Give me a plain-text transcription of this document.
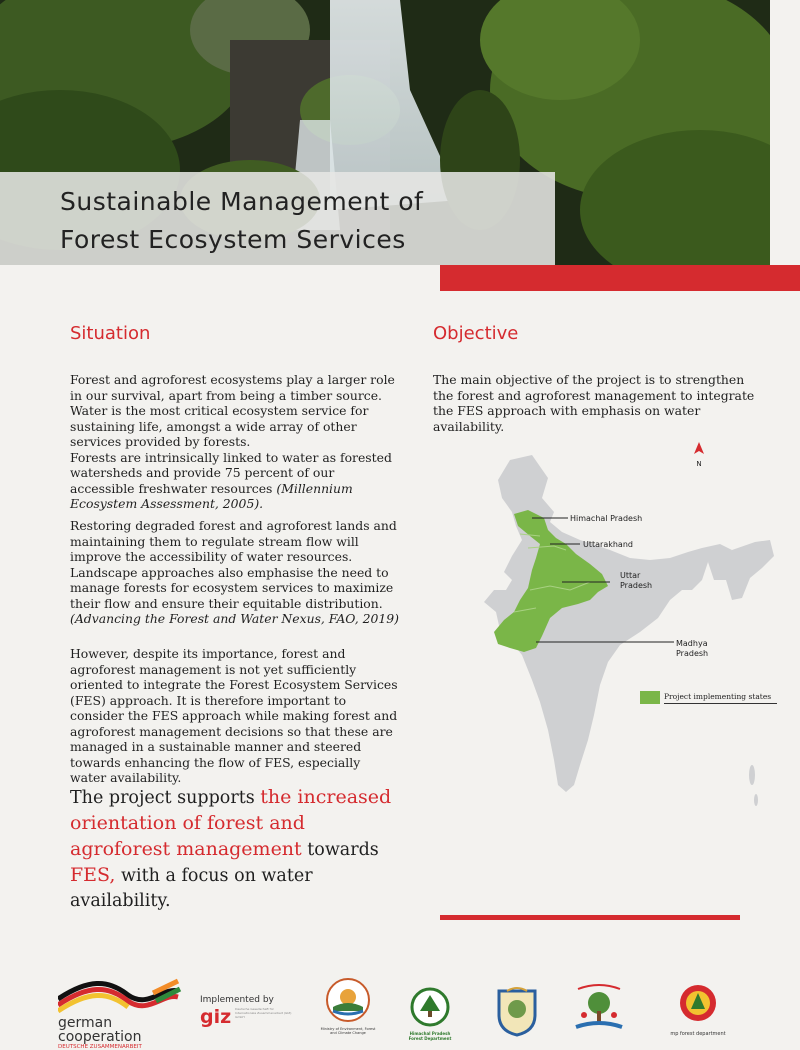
Sustainable Management of
Forest Ecosystem Services
Situation

Forest and agroforest ecosystems play a larger role in our survival, apart from being a timber source. Water is the most critical ecosystem service for sustaining life, amongst a wide array of other services provided by forests.
Forests are intrinsically linked to water as forested watersheds and provide 75 percent of our accessible freshwater resources (Millennium Ecosystem Assessment, 2005).

Restoring degraded forest and agroforest lands and maintaining them to regulate stream flow will improve the accessibility of water resources. Landscape approaches also emphasise the need to manage forests for ecosystem services to maximize their flow and ensure their equitable distribution. (Advancing the Forest and Water Nexus, FAO, 2019)

However, despite its importance, forest and agroforest management is not yet sufficiently oriented to integrate the Forest Ecosystem Services (FES) approach. It is therefore important to consider the FES approach while making forest and agroforest management decisions so that these are managed in a sustainable manner and steered towards enhancing the flow of FES, especially water availability.

The project supports the increased orientation of forest and agroforest management towards FES, with a focus on water availability.
Objective

The main objective of the project is to strengthen the forest and agroforest management to integrate the FES approach with emphasis on water availability.

N
Himachal Pradesh
Uttarakhand
Uttar
Pradesh
Madhya
Pradesh
Project implementing states
german
cooperation
DEUTSCHE ZUSAMMENARBEIT
Implemented by
giz Deutsche Gesellschaft für Internationale Zusammenarbeit (GIZ) GmbH
Ministry of Environment, Forest and Climate Change	Himachal Pradesh Forest Department
mp forest department
